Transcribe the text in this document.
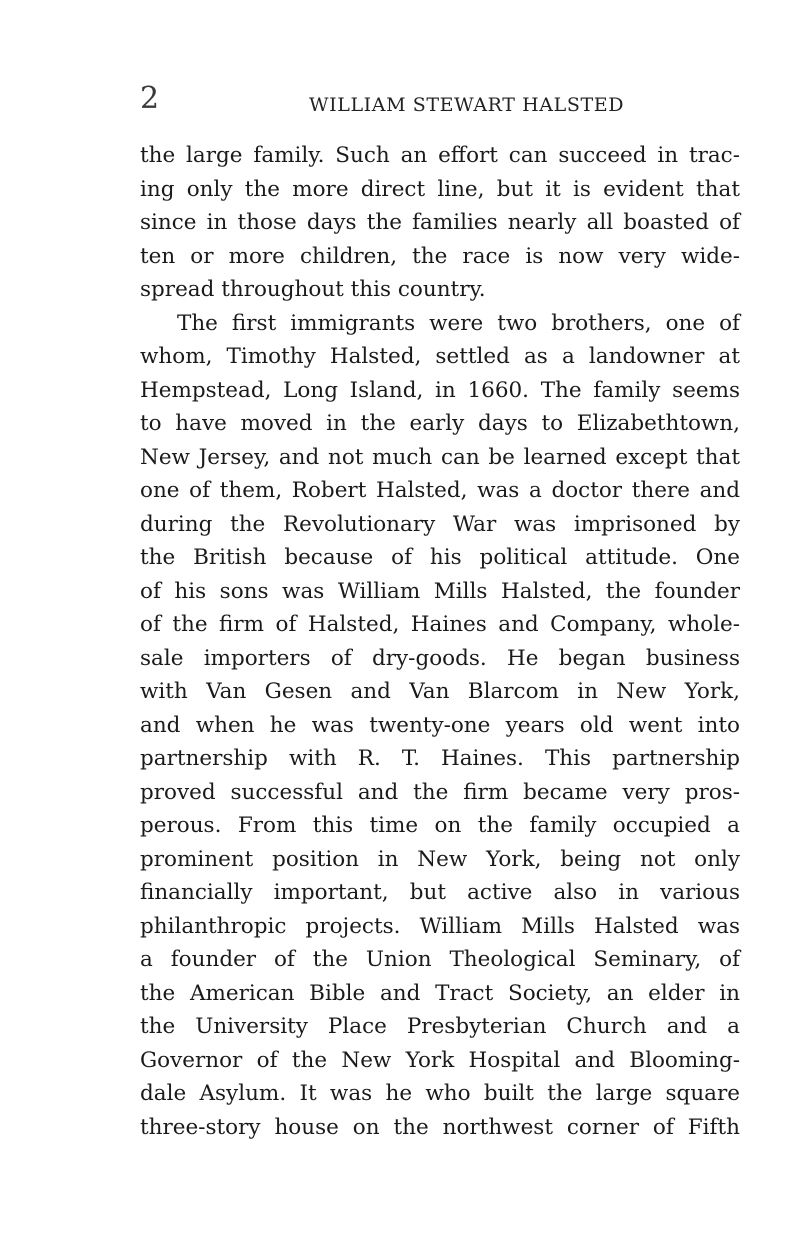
2	WILLIAM STEWART HALSTED
the large family. Such an effort can succeed in trac-
ing only the more direct line, but it is evident that
since in those days the families nearly all boasted of
ten or more children, the race is now very wide-
spread throughout this country.
The first immigrants were two brothers, one of
whom, Timothy Halsted, settled as a landowner at
Hempstead, Long Island, in 1660. The family seems
to have moved in the early days to Elizabethtown,
New Jersey, and not much can be learned except that
one of them, Robert Halsted, was a doctor there and
during the Revolutionary War was imprisoned by
the British because of his political attitude. One
of his sons was William Mills Halsted, the founder
of the firm of Halsted, Haines and Company, whole-
sale importers of dry-goods. He began business
with Van Gesen and Van Blarcom in New York,
and when he was twenty-one years old went into
partnership with R. T. Haines. This partnership
proved successful and the firm became very pros-
perous. From this time on the family occupied a
prominent position in New York, being not only
financially important, but active also in various
philanthropic projects. William Mills Halsted was
a founder of the Union Theological Seminary, of
the American Bible and Tract Society, an elder in
the University Place Presbyterian Church and a
Governor of the New York Hospital and Blooming-
dale Asylum. It was he who built the large square
three-story house on the northwest corner of Fifth
